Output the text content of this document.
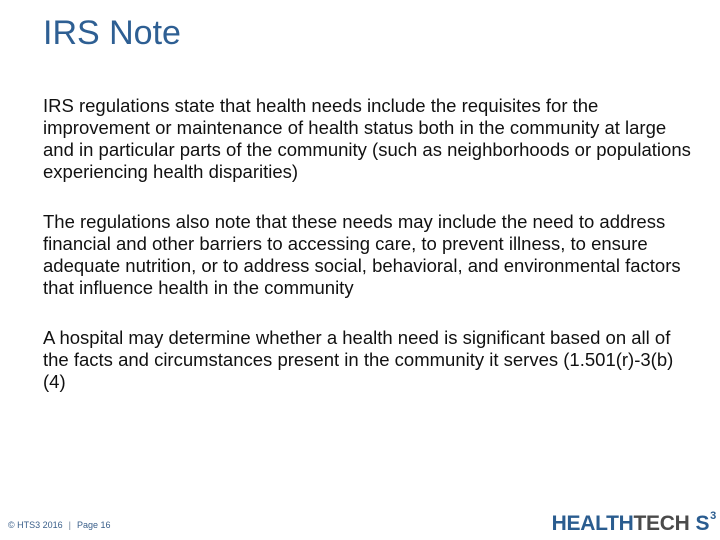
IRS Note

IRS regulations state that health needs include the requisites for the improvement or maintenance of health status both in the community at large and in particular parts of the community (such as neighborhoods or populations experiencing health disparities)

The regulations also note that these needs may include the need to address financial and other barriers to accessing care, to prevent illness, to ensure adequate nutrition, or to address social, behavioral, and environmental factors that influence health in the community

A hospital may determine whether a health need is significant based on all of the facts and circumstances present in the community it serves (1.501(r)-3(b)(4)

© HTS3 2016 | Page 16	HEALTH TECH $S^3$
